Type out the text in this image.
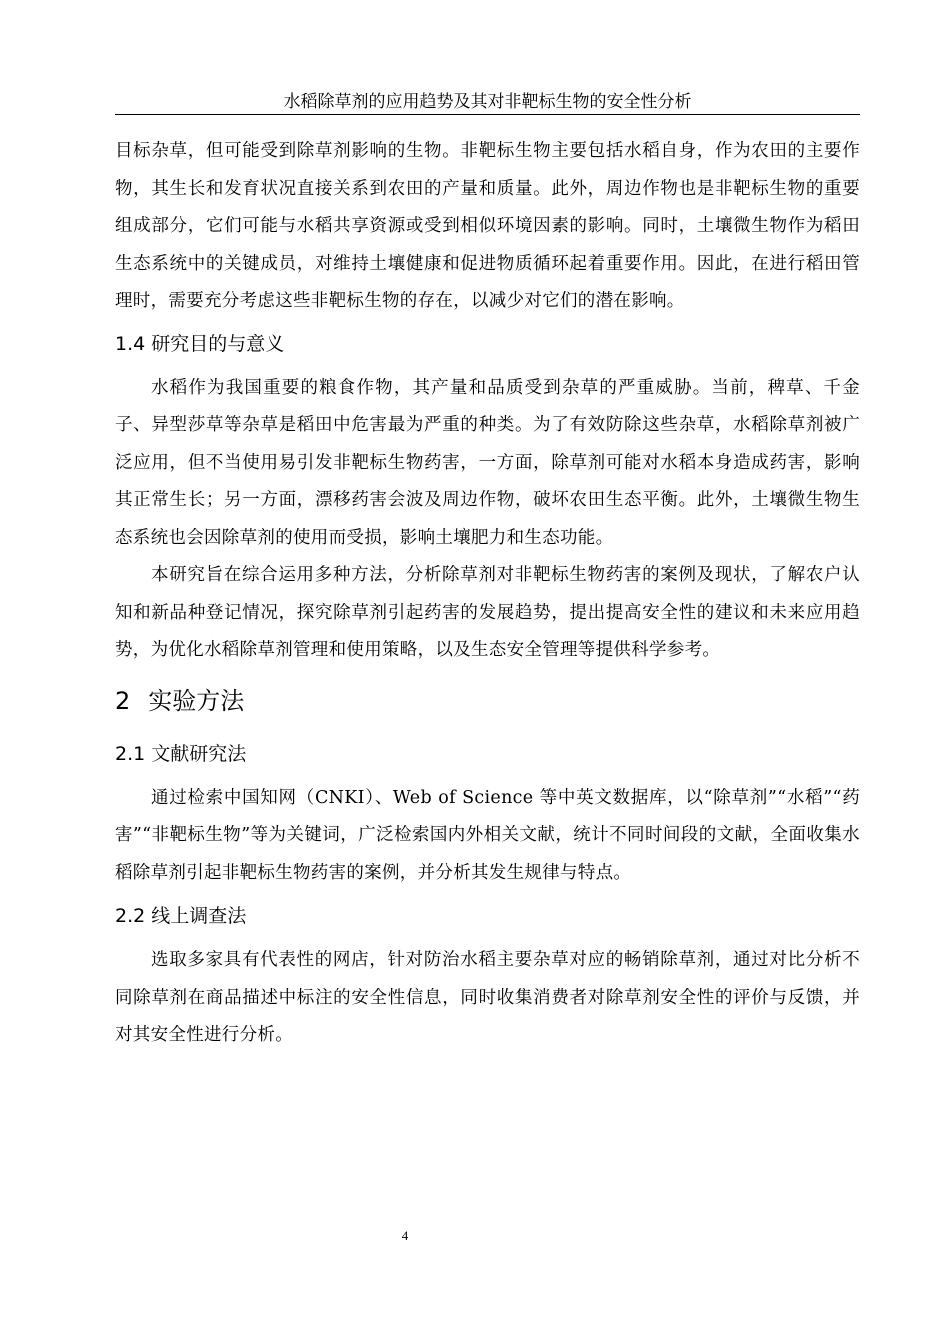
水稻除草剂的应用趋势及其对非靶标生物的安全性分析

目标杂草，但可能受到除草剂影响的生物。非靶标生物主要包括水稻自身，作为农田的主要作物，其生长和发育状况直接关系到农田的产量和质量。此外，周边作物也是非靶标生物的重要组成部分，它们可能与水稻共享资源或受到相似环境因素的影响。同时，土壤微生物作为稻田生态系统中的关键成员，对维持土壤健康和促进物质循环起着重要作用。因此，在进行稻田管理时，需要充分考虑这些非靶标生物的存在，以减少对它们的潜在影响。

1.4 研究目的与意义

水稻作为我国重要的粮食作物，其产量和品质受到杂草的严重威胁。当前，稗草、千金子、异型莎草等杂草是稻田中危害最为严重的种类。为了有效防除这些杂草，水稻除草剂被广泛应用，但不当使用易引发非靶标生物药害，一方面，除草剂可能对水稻本身造成药害，影响其正常生长；另一方面，漂移药害会波及周边作物，破坏农田生态平衡。此外，土壤微生物生态系统也会因除草剂的使用而受损，影响土壤肥力和生态功能。

本研究旨在综合运用多种方法，分析除草剂对非靶标生物药害的案例及现状，了解农户认知和新品种登记情况，探究除草剂引起药害的发展趋势，提出提高安全性的建议和未来应用趋势，为优化水稻除草剂管理和使用策略，以及生态安全管理等提供科学参考。

2 实验方法
2.1 文献研究法

通过检索中国知网（CNKI）、Web of Science 等中英文数据库，以“除草剂”“水稻”“药害”“非靶标生物”等为关键词，广泛检索国内外相关文献，统计不同时间段的文献，全面收集水稻除草剂引起非靶标生物药害的案例，并分析其发生规律与特点。

2.2 线上调查法

选取多家具有代表性的网店，针对防治水稻主要杂草对应的畅销除草剂，通过对比分析不同除草剂在商品描述中标注的安全性信息，同时收集消费者对除草剂安全性的评价与反馈，并对其安全性进行分析。

4
